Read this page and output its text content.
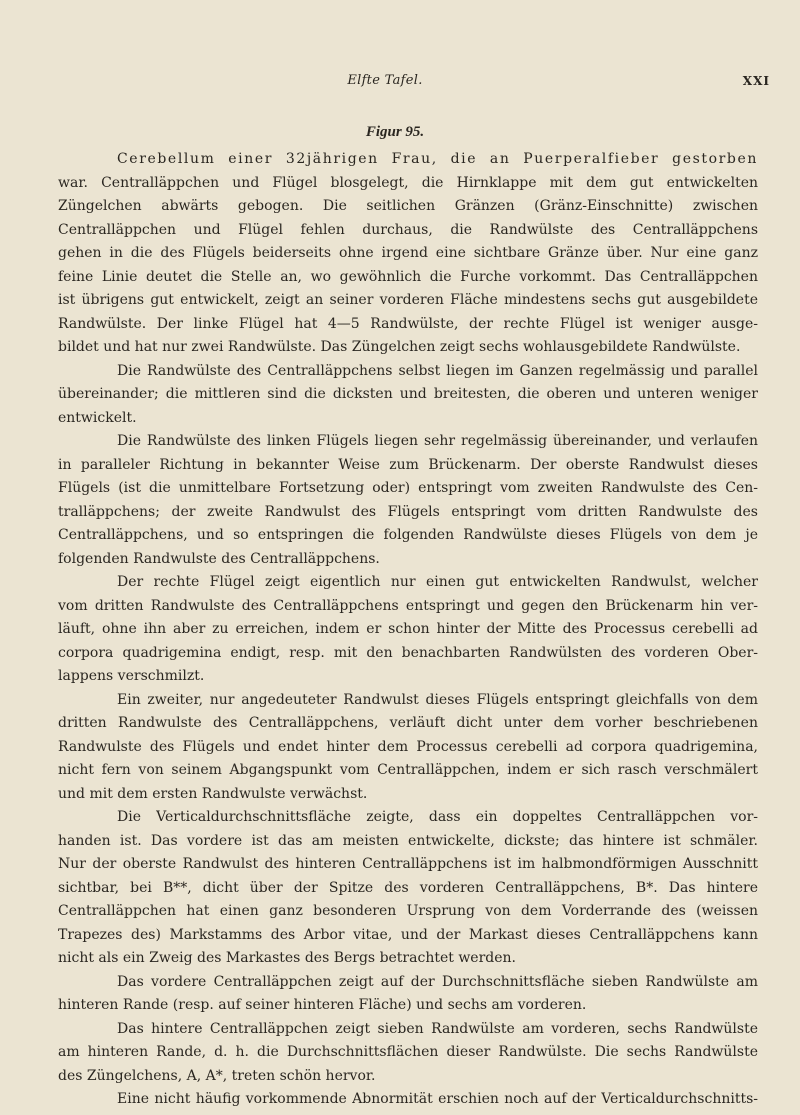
Elfte Tafel.	XXI
Figur 95.
Cerebellum einer 32jährigen Frau, die an Puerperalfieber gestorben
war. Centralläppchen und Flügel blosgelegt, die Hirnklappe mit dem gut entwickelten
Züngelchen abwärts gebogen. Die seitlichen Gränzen (Gränz-Einschnitte) zwischen
Centralläppchen und Flügel fehlen durchaus, die Randwülste des Centralläppchens
gehen in die des Flügels beiderseits ohne irgend eine sichtbare Gränze über. Nur eine ganz
feine Linie deutet die Stelle an, wo gewöhnlich die Furche vorkommt. Das Centralläppchen
ist übrigens gut entwickelt, zeigt an seiner vorderen Fläche mindestens sechs gut ausgebildete
Randwülste. Der linke Flügel hat 4—5 Randwülste, der rechte Flügel ist weniger ausge-
bildet und hat nur zwei Randwülste. Das Züngelchen zeigt sechs wohlausgebildete Randwülste.
Die Randwülste des Centralläppchens selbst liegen im Ganzen regelmässig und parallel
übereinander; die mittleren sind die dicksten und breitesten, die oberen und unteren weniger
entwickelt.
Die Randwülste des linken Flügels liegen sehr regelmässig übereinander, und verlaufen
in paralleler Richtung in bekannter Weise zum Brückenarm. Der oberste Randwulst dieses
Flügels (ist die unmittelbare Fortsetzung oder) entspringt vom zweiten Randwulste des Cen-
tralläppchens; der zweite Randwulst des Flügels entspringt vom dritten Randwulste des
Centralläppchens, und so entspringen die folgenden Randwülste dieses Flügels von dem je
folgenden Randwulste des Centralläppchens.
Der rechte Flügel zeigt eigentlich nur einen gut entwickelten Randwulst, welcher
vom dritten Randwulste des Centralläppchens entspringt und gegen den Brückenarm hin ver-
läuft, ohne ihn aber zu erreichen, indem er schon hinter der Mitte des Processus cerebelli ad
corpora quadrigemina endigt, resp. mit den benachbarten Randwülsten des vorderen Ober-
lappens verschmilzt.
Ein zweiter, nur angedeuteter Randwulst dieses Flügels entspringt gleichfalls von dem
dritten Randwulste des Centralläppchens, verläuft dicht unter dem vorher beschriebenen
Randwulste des Flügels und endet hinter dem Processus cerebelli ad corpora quadrigemina,
nicht fern von seinem Abgangspunkt vom Centralläppchen, indem er sich rasch verschmälert
und mit dem ersten Randwulste verwächst.
Die Verticaldurchschnittsfläche zeigte, dass ein doppeltes Centralläppchen vor-
handen ist. Das vordere ist das am meisten entwickelte, dickste; das hintere ist schmäler.
Nur der oberste Randwulst des hinteren Centralläppchens ist im halbmondförmigen Ausschnitt
sichtbar, bei B**, dicht über der Spitze des vorderen Centralläppchens, B*. Das hintere
Centralläppchen hat einen ganz besonderen Ursprung von dem Vorderrande des (weissen
Trapezes des) Markstamms des Arbor vitae, und der Markast dieses Centralläppchens kann
nicht als ein Zweig des Markastes des Bergs betrachtet werden.
Das vordere Centralläppchen zeigt auf der Durchschnittsfläche sieben Randwülste am
hinteren Rande (resp. auf seiner hinteren Fläche) und sechs am vorderen.
Das hintere Centralläppchen zeigt sieben Randwülste am vorderen, sechs Randwülste
am hinteren Rande, d. h. die Durchschnittsflächen dieser Randwülste. Die sechs Randwülste
des Züngelchens, A, A*, treten schön hervor.
Eine nicht häufig vorkommende Abnormität erschien noch auf der Verticaldurchschnitts-
